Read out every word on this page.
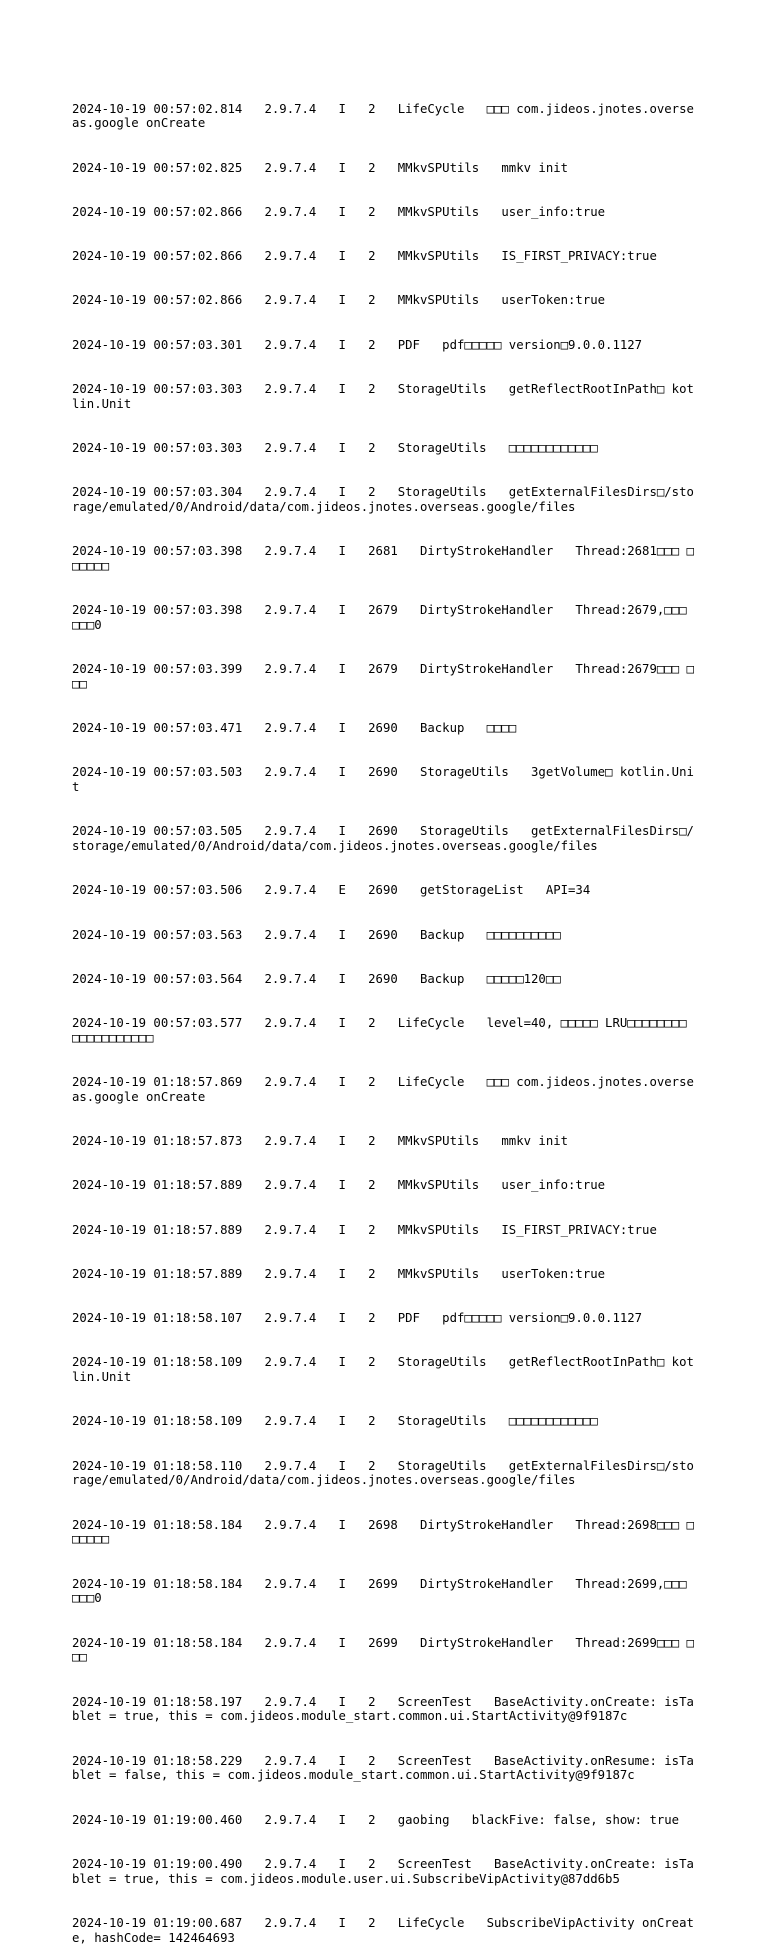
2024-10-19 00:57:02.814   2.9.7.4   I   2   LifeCycle   □□□ com.jideos.jnotes.overseas.google onCreate

2024-10-19 00:57:02.825   2.9.7.4   I   2   MMkvSPUtils   mmkv init

2024-10-19 00:57:02.866   2.9.7.4   I   2   MMkvSPUtils   user_info:true

2024-10-19 00:57:02.866   2.9.7.4   I   2   MMkvSPUtils   IS_FIRST_PRIVACY:true

2024-10-19 00:57:02.866   2.9.7.4   I   2   MMkvSPUtils   userToken:true

2024-10-19 00:57:03.301   2.9.7.4   I   2   PDF   pdf□□□□□ version□9.0.0.1127

2024-10-19 00:57:03.303   2.9.7.4   I   2   StorageUtils   getReflectRootInPath□ kotlin.Unit

2024-10-19 00:57:03.303   2.9.7.4   I   2   StorageUtils   □□□□□□□□□□□□

2024-10-19 00:57:03.304   2.9.7.4   I   2   StorageUtils   getExternalFilesDirs□/storage/emulated/0/Android/data/com.jideos.jnotes.overseas.google/files

2024-10-19 00:57:03.398   2.9.7.4   I   2681   DirtyStrokeHandler   Thread:2681□□□ □□□□□□

2024-10-19 00:57:03.398   2.9.7.4   I   2679   DirtyStrokeHandler   Thread:2679,□□□ □□□0

2024-10-19 00:57:03.399   2.9.7.4   I   2679   DirtyStrokeHandler   Thread:2679□□□ □□□

2024-10-19 00:57:03.471   2.9.7.4   I   2690   Backup   □□□□

2024-10-19 00:57:03.503   2.9.7.4   I   2690   StorageUtils   3getVolume□ kotlin.Unit

2024-10-19 00:57:03.505   2.9.7.4   I   2690   StorageUtils   getExternalFilesDirs□/storage/emulated/0/Android/data/com.jideos.jnotes.overseas.google/files

2024-10-19 00:57:03.506   2.9.7.4   E   2690   getStorageList   API=34

2024-10-19 00:57:03.563   2.9.7.4   I   2690   Backup   □□□□□□□□□□

2024-10-19 00:57:03.564   2.9.7.4   I   2690   Backup   □□□□□120□□

2024-10-19 00:57:03.577   2.9.7.4   I   2   LifeCycle   level=40, □□□□□ LRU□□□□□□□□ □□□□□□□□□□□

2024-10-19 01:18:57.869   2.9.7.4   I   2   LifeCycle   □□□ com.jideos.jnotes.overseas.google onCreate

2024-10-19 01:18:57.873   2.9.7.4   I   2   MMkvSPUtils   mmkv init

2024-10-19 01:18:57.889   2.9.7.4   I   2   MMkvSPUtils   user_info:true

2024-10-19 01:18:57.889   2.9.7.4   I   2   MMkvSPUtils   IS_FIRST_PRIVACY:true

2024-10-19 01:18:57.889   2.9.7.4   I   2   MMkvSPUtils   userToken:true

2024-10-19 01:18:58.107   2.9.7.4   I   2   PDF   pdf□□□□□ version□9.0.0.1127

2024-10-19 01:18:58.109   2.9.7.4   I   2   StorageUtils   getReflectRootInPath□ kotlin.Unit

2024-10-19 01:18:58.109   2.9.7.4   I   2   StorageUtils   □□□□□□□□□□□□

2024-10-19 01:18:58.110   2.9.7.4   I   2   StorageUtils   getExternalFilesDirs□/storage/emulated/0/Android/data/com.jideos.jnotes.overseas.google/files

2024-10-19 01:18:58.184   2.9.7.4   I   2698   DirtyStrokeHandler   Thread:2698□□□ □□□□□□

2024-10-19 01:18:58.184   2.9.7.4   I   2699   DirtyStrokeHandler   Thread:2699,□□□ □□□0

2024-10-19 01:18:58.184   2.9.7.4   I   2699   DirtyStrokeHandler   Thread:2699□□□ □□□

2024-10-19 01:18:58.197   2.9.7.4   I   2   ScreenTest   BaseActivity.onCreate: isTablet = true, this = com.jideos.module_start.common.ui.StartActivity@9f9187c

2024-10-19 01:18:58.229   2.9.7.4   I   2   ScreenTest   BaseActivity.onResume: isTablet = false, this = com.jideos.module_start.common.ui.StartActivity@9f9187c

2024-10-19 01:19:00.460   2.9.7.4   I   2   gaobing   blackFive: false, show: true

2024-10-19 01:19:00.490   2.9.7.4   I   2   ScreenTest   BaseActivity.onCreate: isTablet = true, this = com.jideos.module.user.ui.SubscribeVipActivity@87dd6b5

2024-10-19 01:19:00.687   2.9.7.4   I   2   LifeCycle   SubscribeVipActivity onCreate, hashCode= 142464693
